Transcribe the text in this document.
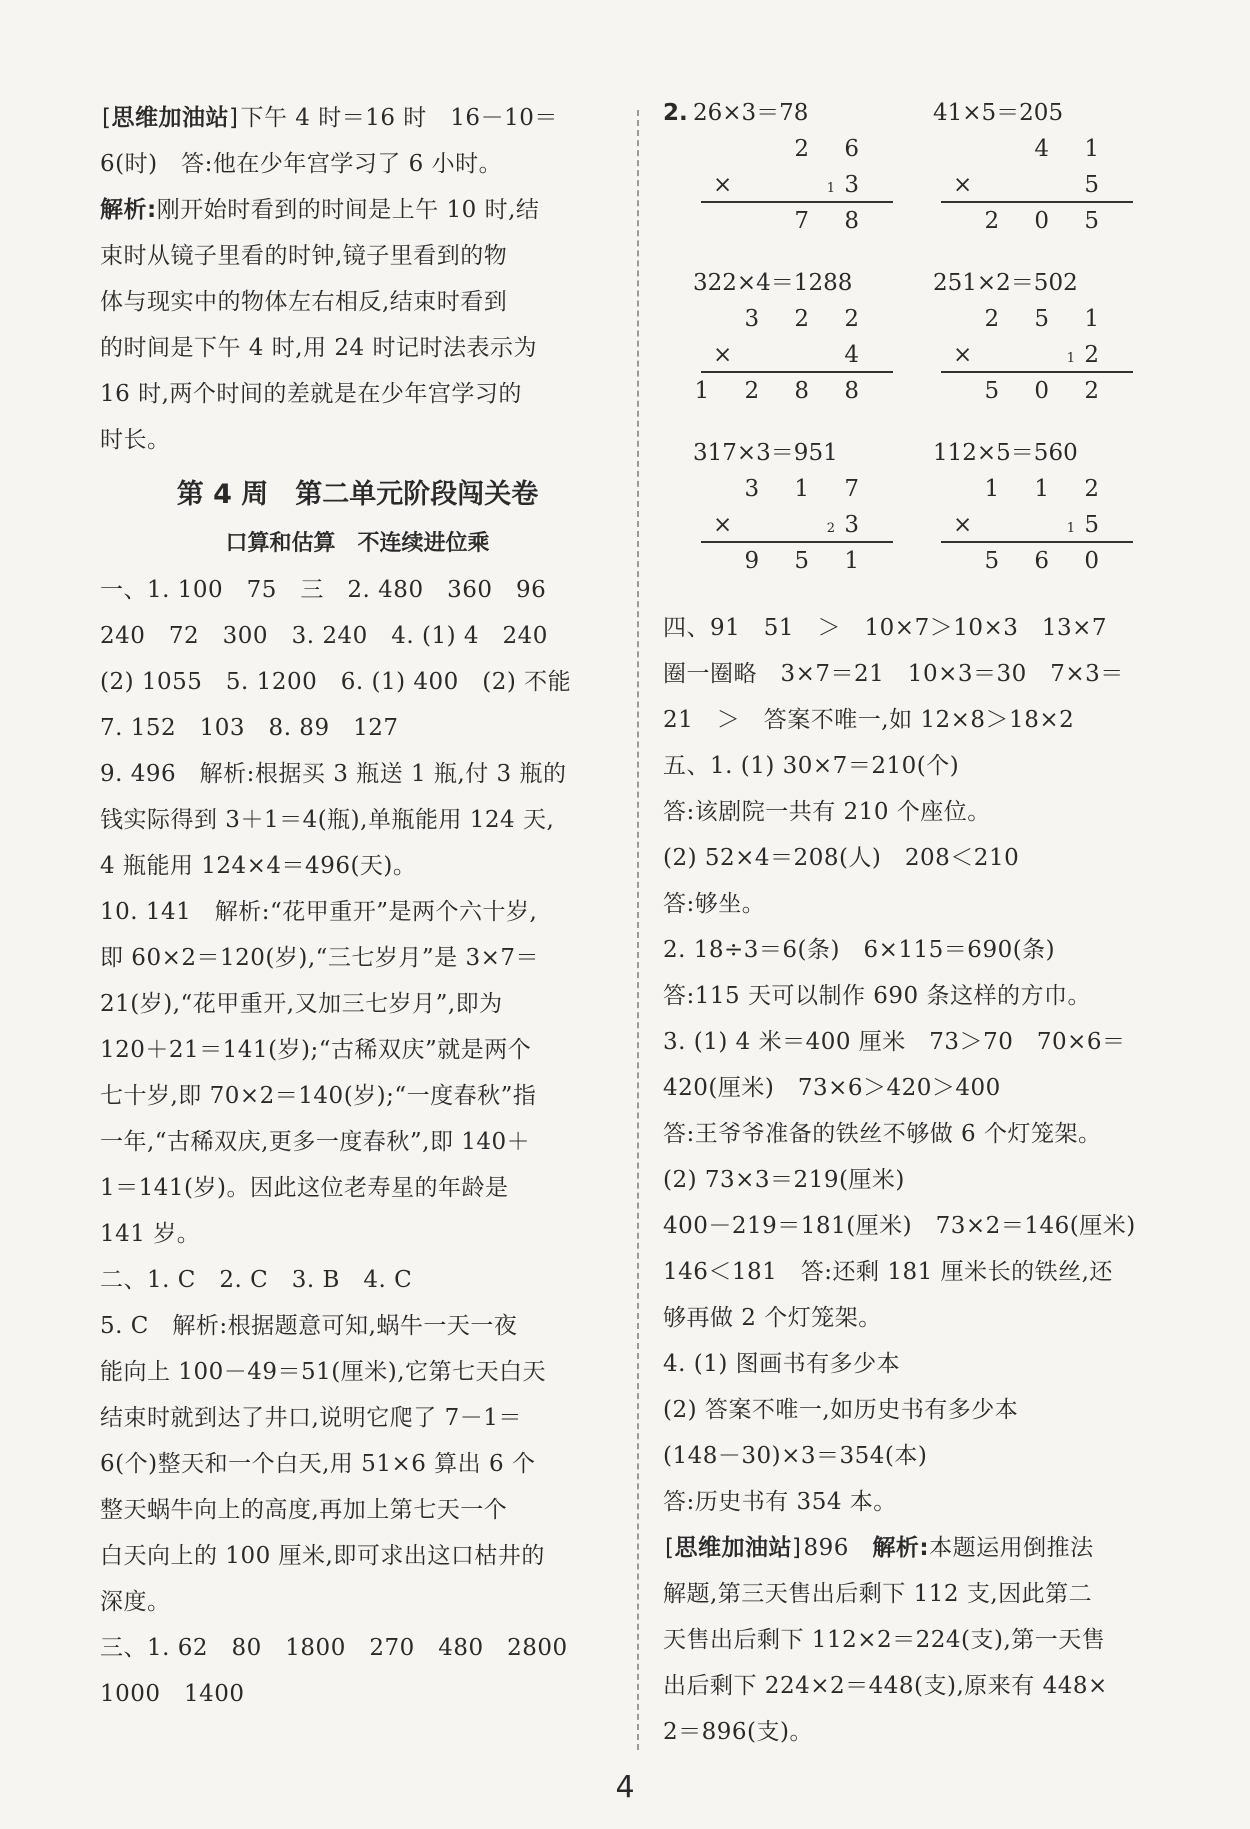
[ 思维加油站 ] 下午 4 时＝16 时　16－10＝
6(时)　答:他在少年宫学习了 6 小时。
解析:刚开始时看到的时间是上午 10 时,结
束时从镜子里看的时钟,镜子里看到的物
体与现实中的物体左右相反,结束时看到
的时间是下午 4 时,用 24 时记时法表示为
16 时,两个时间的差就是在少年宫学习的
时长。
第 4 周　第二单元阶段闯关卷
口算和估算　不连续进位乘
一、1. 100　75　三　2. 480　360　96
240　72　300　3. 240　4. (1) 4　240
(2) 1055　5. 1200　6. (1) 400　(2) 不能
7. 152　103　8. 89　127
9. 496　解析:根据买 3 瓶送 1 瓶,付 3 瓶的
钱实际得到 3＋1＝4(瓶),单瓶能用 124 天,
4 瓶能用 124×4＝496(天)。
10. 141　解析:“花甲重开”是两个六十岁,
即 60×2＝120(岁),“三七岁月”是 3×7＝
21(岁),“花甲重开,又加三七岁月”,即为
120＋21＝141(岁);“古稀双庆”就是两个
七十岁,即 70×2＝140(岁);“一度春秋”指
一年,“古稀双庆,更多一度春秋”,即 140＋
1＝141(岁)。因此这位老寿星的年龄是
141 岁。
二、1. C　2. C　3. B　4. C
5. C　解析:根据题意可知,蜗牛一天一夜
能向上 100－49＝51(厘米),它第七天白天
结束时就到达了井口,说明它爬了 7－1＝
6(个)整天和一个白天,用 51×6 算出 6 个
整天蜗牛向上的高度,再加上第七天一个
白天向上的 100 厘米,即可求出这口枯井的
深度。
三、1. 62　80　1800　270　480　2800
1000　1400
2. 26×3＝78
2 6
×	1 3
7 8
41×5＝205
4 1
×	5
2 0 5
322×4＝1288
3 2 2
×	4
1 2 8 8
251×2＝502
2 5 1
×	1 2
5 0 2
317×3＝951
3 1 7
×	2 3
9 5 1
112×5＝560
1 1 2
×	1 5
5 6 0
四、91　51　＞　10×7＞10×3　13×7
圈一圈略　3×7＝21　10×3＝30　7×3＝
21　＞　答案不唯一,如 12×8＞18×2
五、1. (1) 30×7＝210(个)
答:该剧院一共有 210 个座位。
(2) 52×4＝208(人)　208＜210
答:够坐。
2. 18÷3＝6(条)　6×115＝690(条)
答:115 天可以制作 690 条这样的方巾。
3. (1) 4 米＝400 厘米　73＞70　70×6＝
420(厘米)　73×6＞420＞400
答:王爷爷准备的铁丝不够做 6 个灯笼架。
(2) 73×3＝219(厘米)
400－219＝181(厘米)　73×2＝146(厘米)
146＜181　答:还剩 181 厘米长的铁丝,还
够再做 2 个灯笼架。
4. (1) 图画书有多少本
(2) 答案不唯一,如历史书有多少本
(148－30)×3＝354(本)
答:历史书有 354 本。
[ 思维加油站 ] 896　解析:本题运用倒推法
解题,第三天售出后剩下 112 支,因此第二
天售出后剩下 112×2＝224(支),第一天售
出后剩下 224×2＝448(支),原来有 448×
2＝896(支)。
4
